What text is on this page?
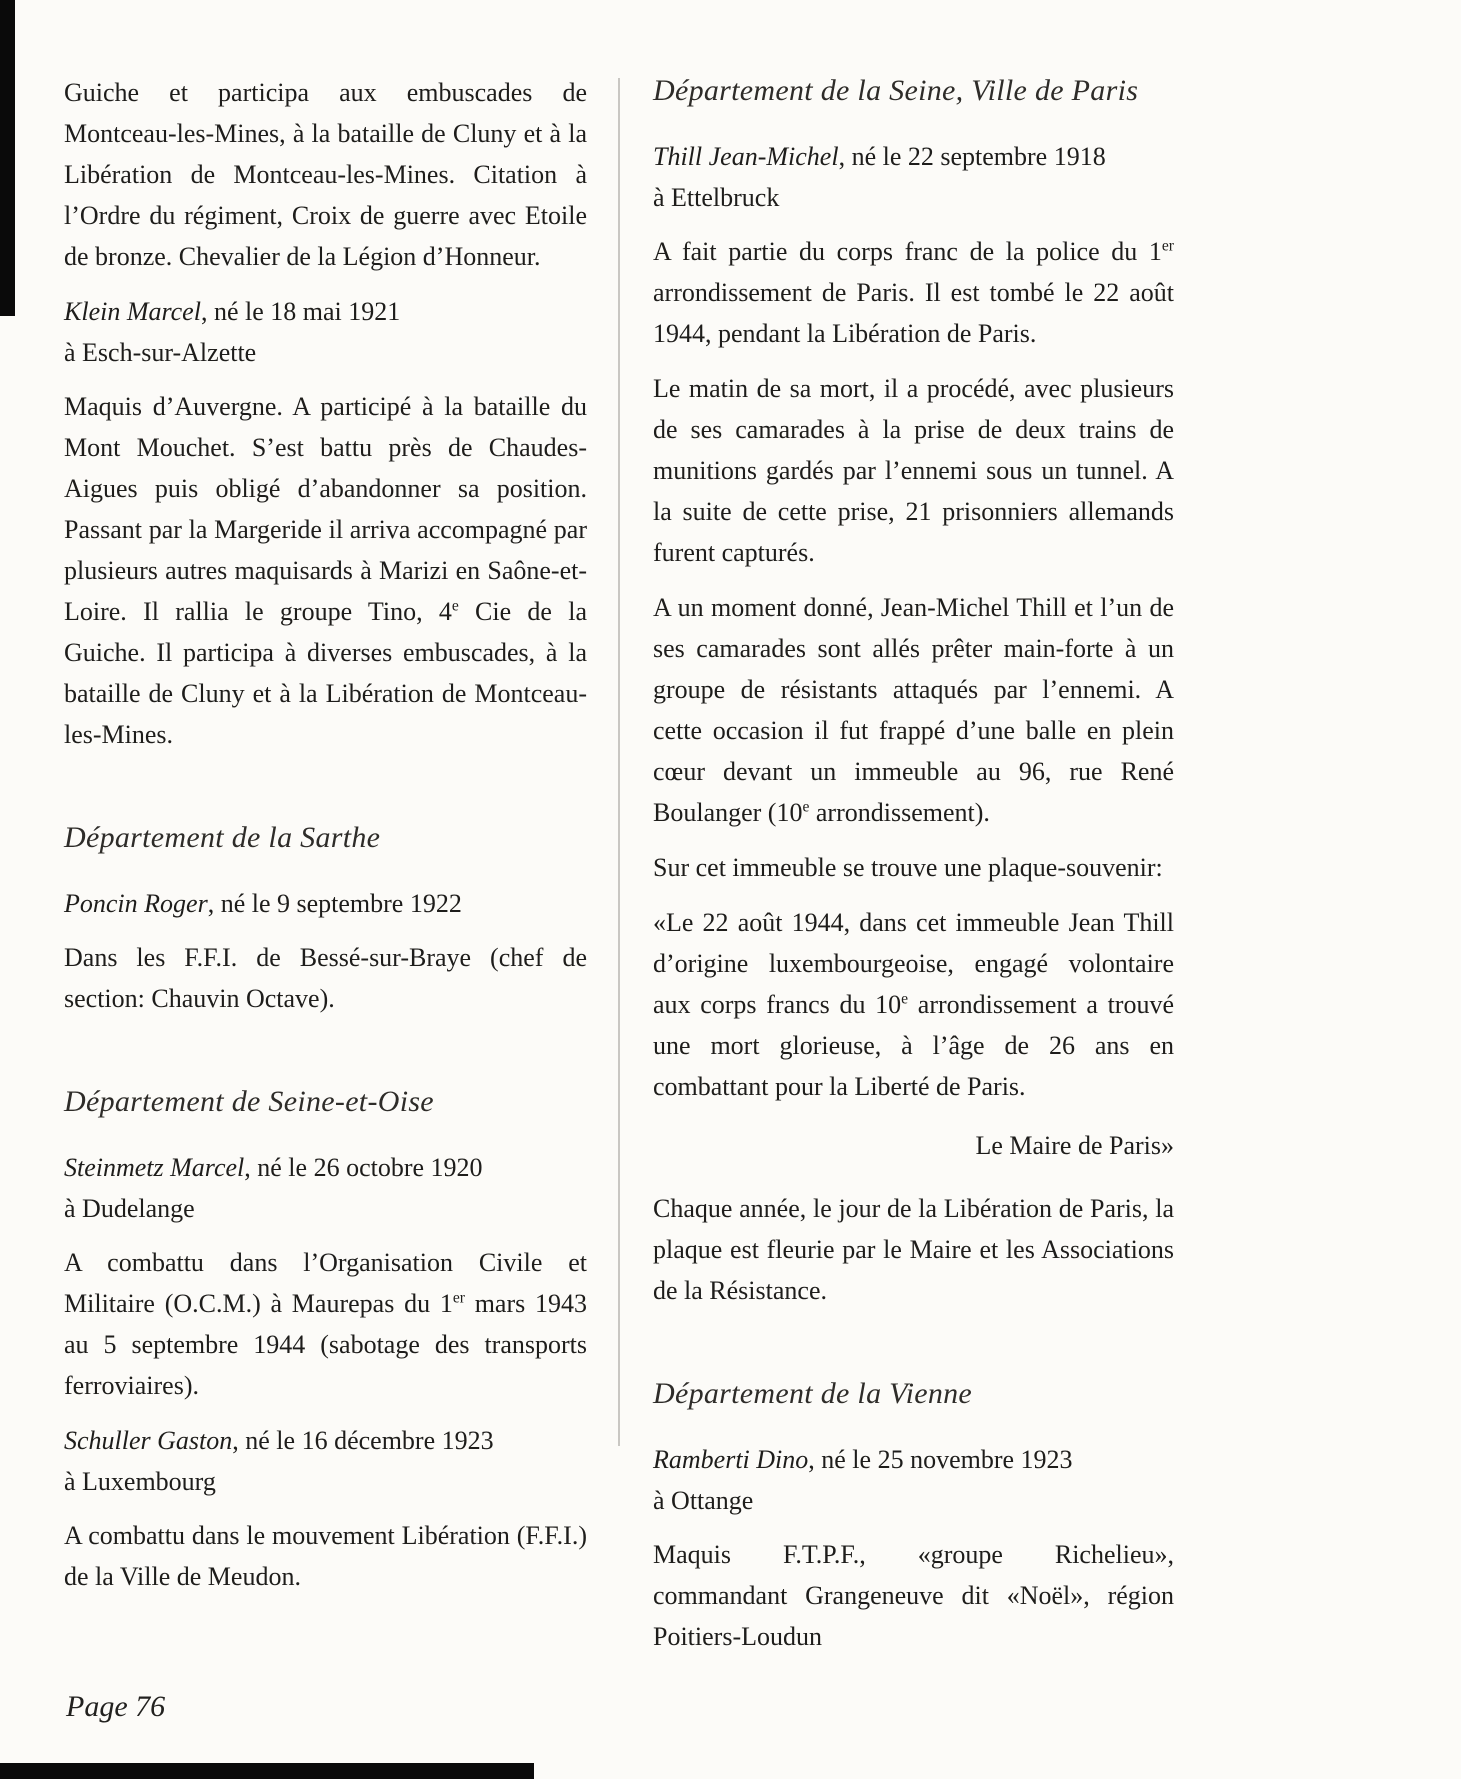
Guiche et participa aux embuscades de Montceau-les-Mines, à la bataille de Cluny et à la Libération de Montceau-les-Mines. Citation à l’Ordre du régiment, Croix de guerre avec Etoile de bronze. Chevalier de la Légion d’Honneur.
Klein Marcel, né le 18 mai 1921
à Esch-sur-Alzette
Maquis d’Auvergne. A participé à la bataille du Mont Mouchet. S’est battu près de Chaudes-Aigues puis obligé d’abandonner sa position. Passant par la Margeride il arriva accompagné par plusieurs autres maquisards à Marizi en Saône-et-Loire. Il rallia le groupe Tino, 4e Cie de la Guiche. Il participa à diverses embuscades, à la bataille de Cluny et à la Libération de Montceau-les-Mines.
Département de la Sarthe
Poncin Roger, né le 9 septembre 1922
Dans les F.F.I. de Bessé-sur-Braye (chef de section: Chauvin Octave).
Département de Seine-et-Oise
Steinmetz Marcel, né le 26 octobre 1920
à Dudelange
A combattu dans l’Organisation Civile et Militaire (O.C.M.) à Maurepas du 1er mars 1943 au 5 septembre 1944 (sabotage des transports ferroviaires).
Schuller Gaston, né le 16 décembre 1923
à Luxembourg
A combattu dans le mouvement Libération (F.F.I.) de la Ville de Meudon.
Département de la Seine, Ville de Paris
Thill Jean-Michel, né le 22 septembre 1918
à Ettelbruck
A fait partie du corps franc de la police du 1er arrondissement de Paris. Il est tombé le 22 août 1944, pendant la Libération de Paris.
Le matin de sa mort, il a procédé, avec plusieurs de ses camarades à la prise de deux trains de munitions gardés par l’ennemi sous un tunnel. A la suite de cette prise, 21 prisonniers allemands furent capturés.
A un moment donné, Jean-Michel Thill et l’un de ses camarades sont allés prêter main-forte à un groupe de résistants attaqués par l’ennemi. A cette occasion il fut frappé d’une balle en plein cœur devant un immeuble au 96, rue René Boulanger (10e arrondissement).
Sur cet immeuble se trouve une plaque-souvenir:
«Le 22 août 1944, dans cet immeuble Jean Thill d’origine luxembourgeoise, engagé volontaire aux corps francs du 10e arrondissement a trouvé une mort glorieuse, à l’âge de 26 ans en combattant pour la Liberté de Paris.
Le Maire de Paris»
Chaque année, le jour de la Libération de Paris, la plaque est fleurie par le Maire et les Associations de la Résistance.
Département de la Vienne
Ramberti Dino, né le 25 novembre 1923
à Ottange
Maquis F.T.P.F., «groupe Richelieu», commandant Grangeneuve dit «Noël», région Poitiers-Loudun
Page 76
